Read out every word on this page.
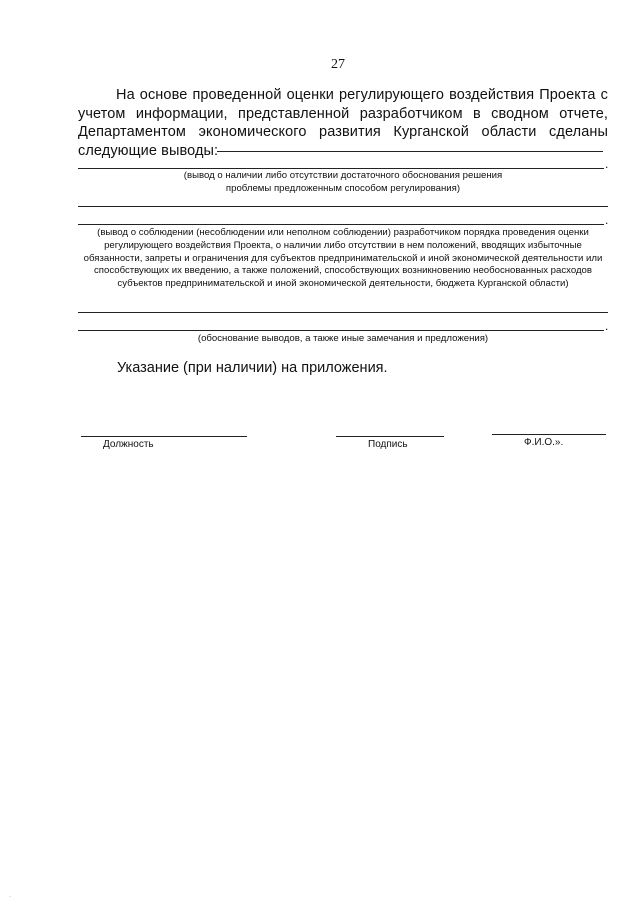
27
На основе проведенной оценки регулирующего воздействия Проекта с учетом информации, представленной разработчиком в сводном отчете, Департаментом экономического развития Курганской области сделаны следующие выводы:
.
(вывод о наличии либо отсутствии достаточного обоснования решения проблемы предложенным способом регулирования)
.
(вывод о соблюдении (несоблюдении или неполном соблюдении) разработчиком порядка проведения оценки регулирующего воздействия Проекта, о наличии либо отсутствии в нем положений, вводящих избыточные обязанности, запреты и ограничения для субъектов предпринимательской и иной экономической деятельности или способствующих их введению, а также положений, способствующих возникновению необоснованных расходов субъектов предпринимательской и иной экономической деятельности, бюджета Курганской области)
.
(обоснование выводов, а также иные замечания и предложения)
Указание (при наличии) на приложения.
Должность	Подпись	Ф.И.О.».
·
